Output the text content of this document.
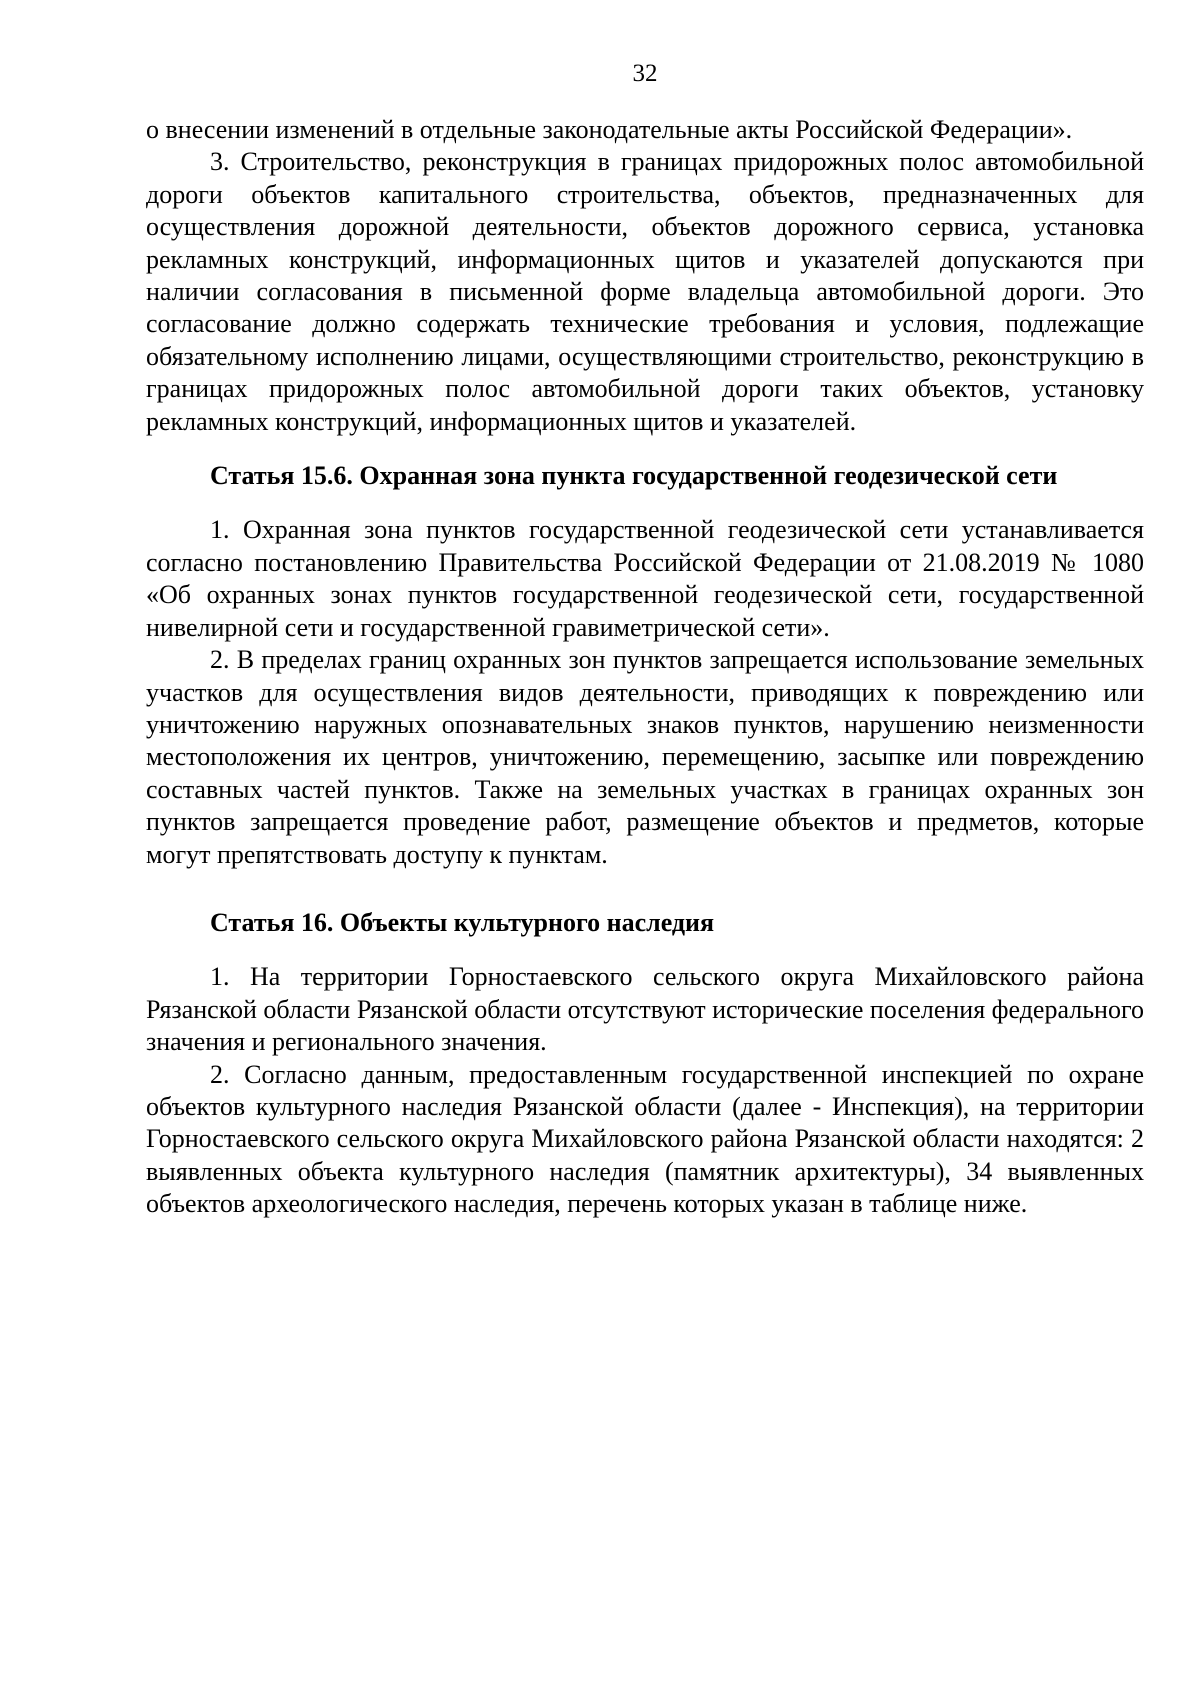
32

о внесении изменений в отдельные законодательные акты Российской Федерации».

3. Строительство, реконструкция в границах придорожных полос автомобильной дороги объектов капитального строительства, объектов, предназначенных для осуществления дорожной деятельности, объектов дорожного сервиса, установка рекламных конструкций, информационных щитов и указателей допускаются при наличии согласования в письменной форме владельца автомобильной дороги. Это согласование должно содержать технические требования и условия, подлежащие обязательному исполнению лицами, осуществляющими строительство, реконструкцию в границах придорожных полос автомобильной дороги таких объектов, установку рекламных конструкций, информационных щитов и указателей.

Статья 15.6. Охранная зона пункта государственной геодезической сети

1. Охранная зона пунктов государственной геодезической сети устанавливается согласно постановлению Правительства Российской Федерации от 21.08.2019 № 1080 «Об охранных зонах пунктов государственной геодезической сети, государственной нивелирной сети и государственной гравиметрической сети».

2. В пределах границ охранных зон пунктов запрещается использование земельных участков для осуществления видов деятельности, приводящих к повреждению или уничтожению наружных опознавательных знаков пунктов, нарушению неизменности местоположения их центров, уничтожению, перемещению, засыпке или повреждению составных частей пунктов. Также на земельных участках в границах охранных зон пунктов запрещается проведение работ, размещение объектов и предметов, которые могут препятствовать доступу к пунктам.

Статья 16. Объекты культурного наследия

1. На территории Горностаевского сельского округа Михайловского района Рязанской области Рязанской области отсутствуют исторические поселения федерального значения и регионального значения.

2. Согласно данным, предоставленным государственной инспекцией по охране объектов культурного наследия Рязанской области (далее - Инспекция), на территории Горностаевского сельского округа Михайловского района Рязанской области находятся: 2 выявленных объекта культурного наследия (памятник архитектуры), 34 выявленных объектов археологического наследия, перечень которых указан в таблице ниже.
